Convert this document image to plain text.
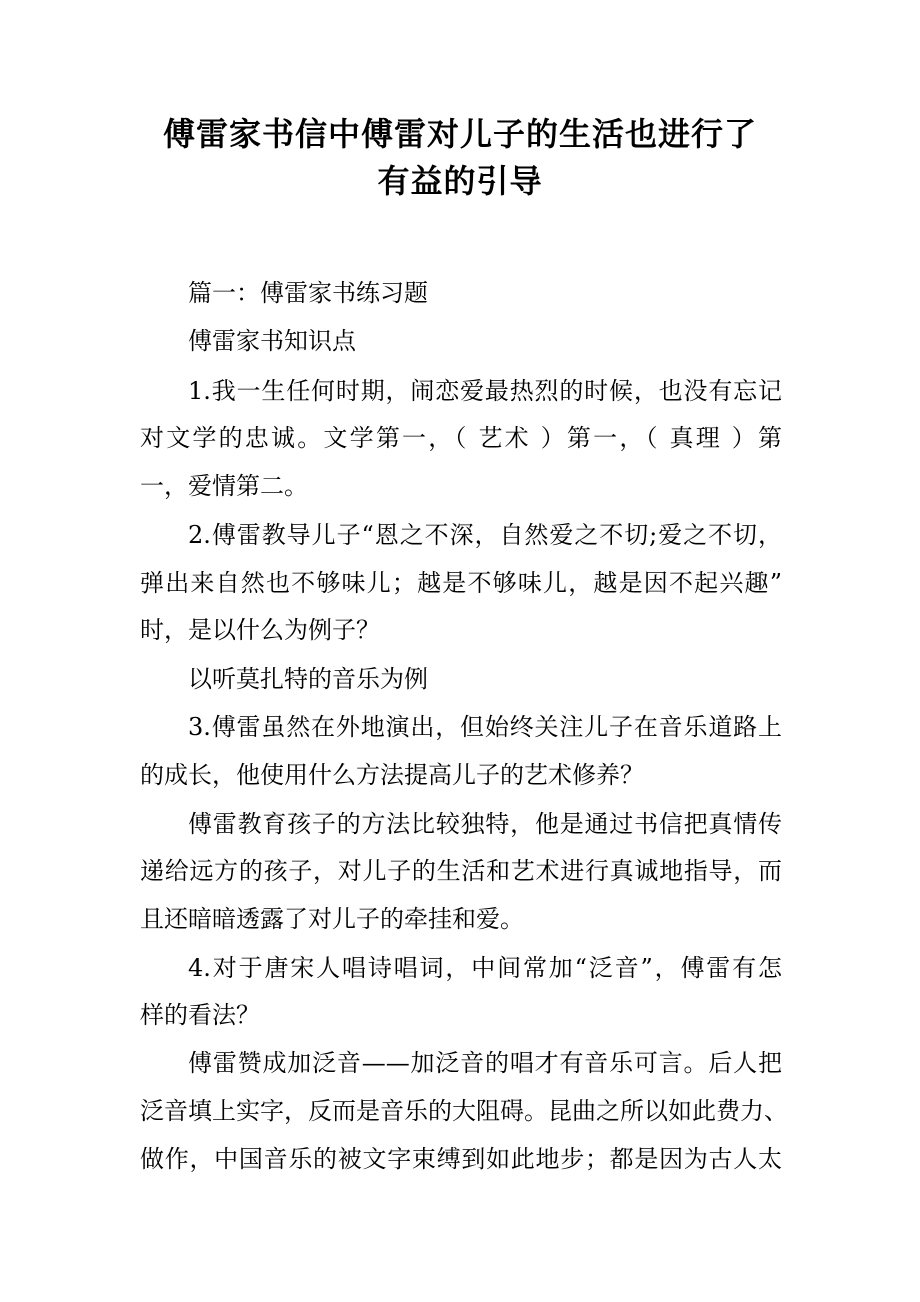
傅雷家书信中傅雷对儿子的生活也进行了
有益的引导
篇一：傅雷家书练习题
傅雷家书知识点
1.我一生任何时期，闹恋爱最热烈的时候，也没有忘记
对文学的忠诚。文学第一，（ 艺术 ）第一，（ 真理 ）第
一，爱情第二。
2.傅雷教导儿子“恩之不深，自然爱之不切;爱之不切，
弹出来自然也不够味儿；越是不够味儿，越是因不起兴趣”
时，是以什么为例子？
以听莫扎特的音乐为例
3.傅雷虽然在外地演出，但始终关注儿子在音乐道路上
的成长，他使用什么方法提高儿子的艺术修养？
傅雷教育孩子的方法比较独特，他是通过书信把真情传
递给远方的孩子，对儿子的生活和艺术进行真诚地指导，而
且还暗暗透露了对儿子的牵挂和爱。
4.对于唐宋人唱诗唱词，中间常加“泛音”，傅雷有怎
样的看法？
傅雷赞成加泛音——加泛音的唱才有音乐可言。后人把
泛音填上实字，反而是音乐的大阻碍。昆曲之所以如此费力、
做作，中国音乐的被文字束缚到如此地步；都是因为古人太
